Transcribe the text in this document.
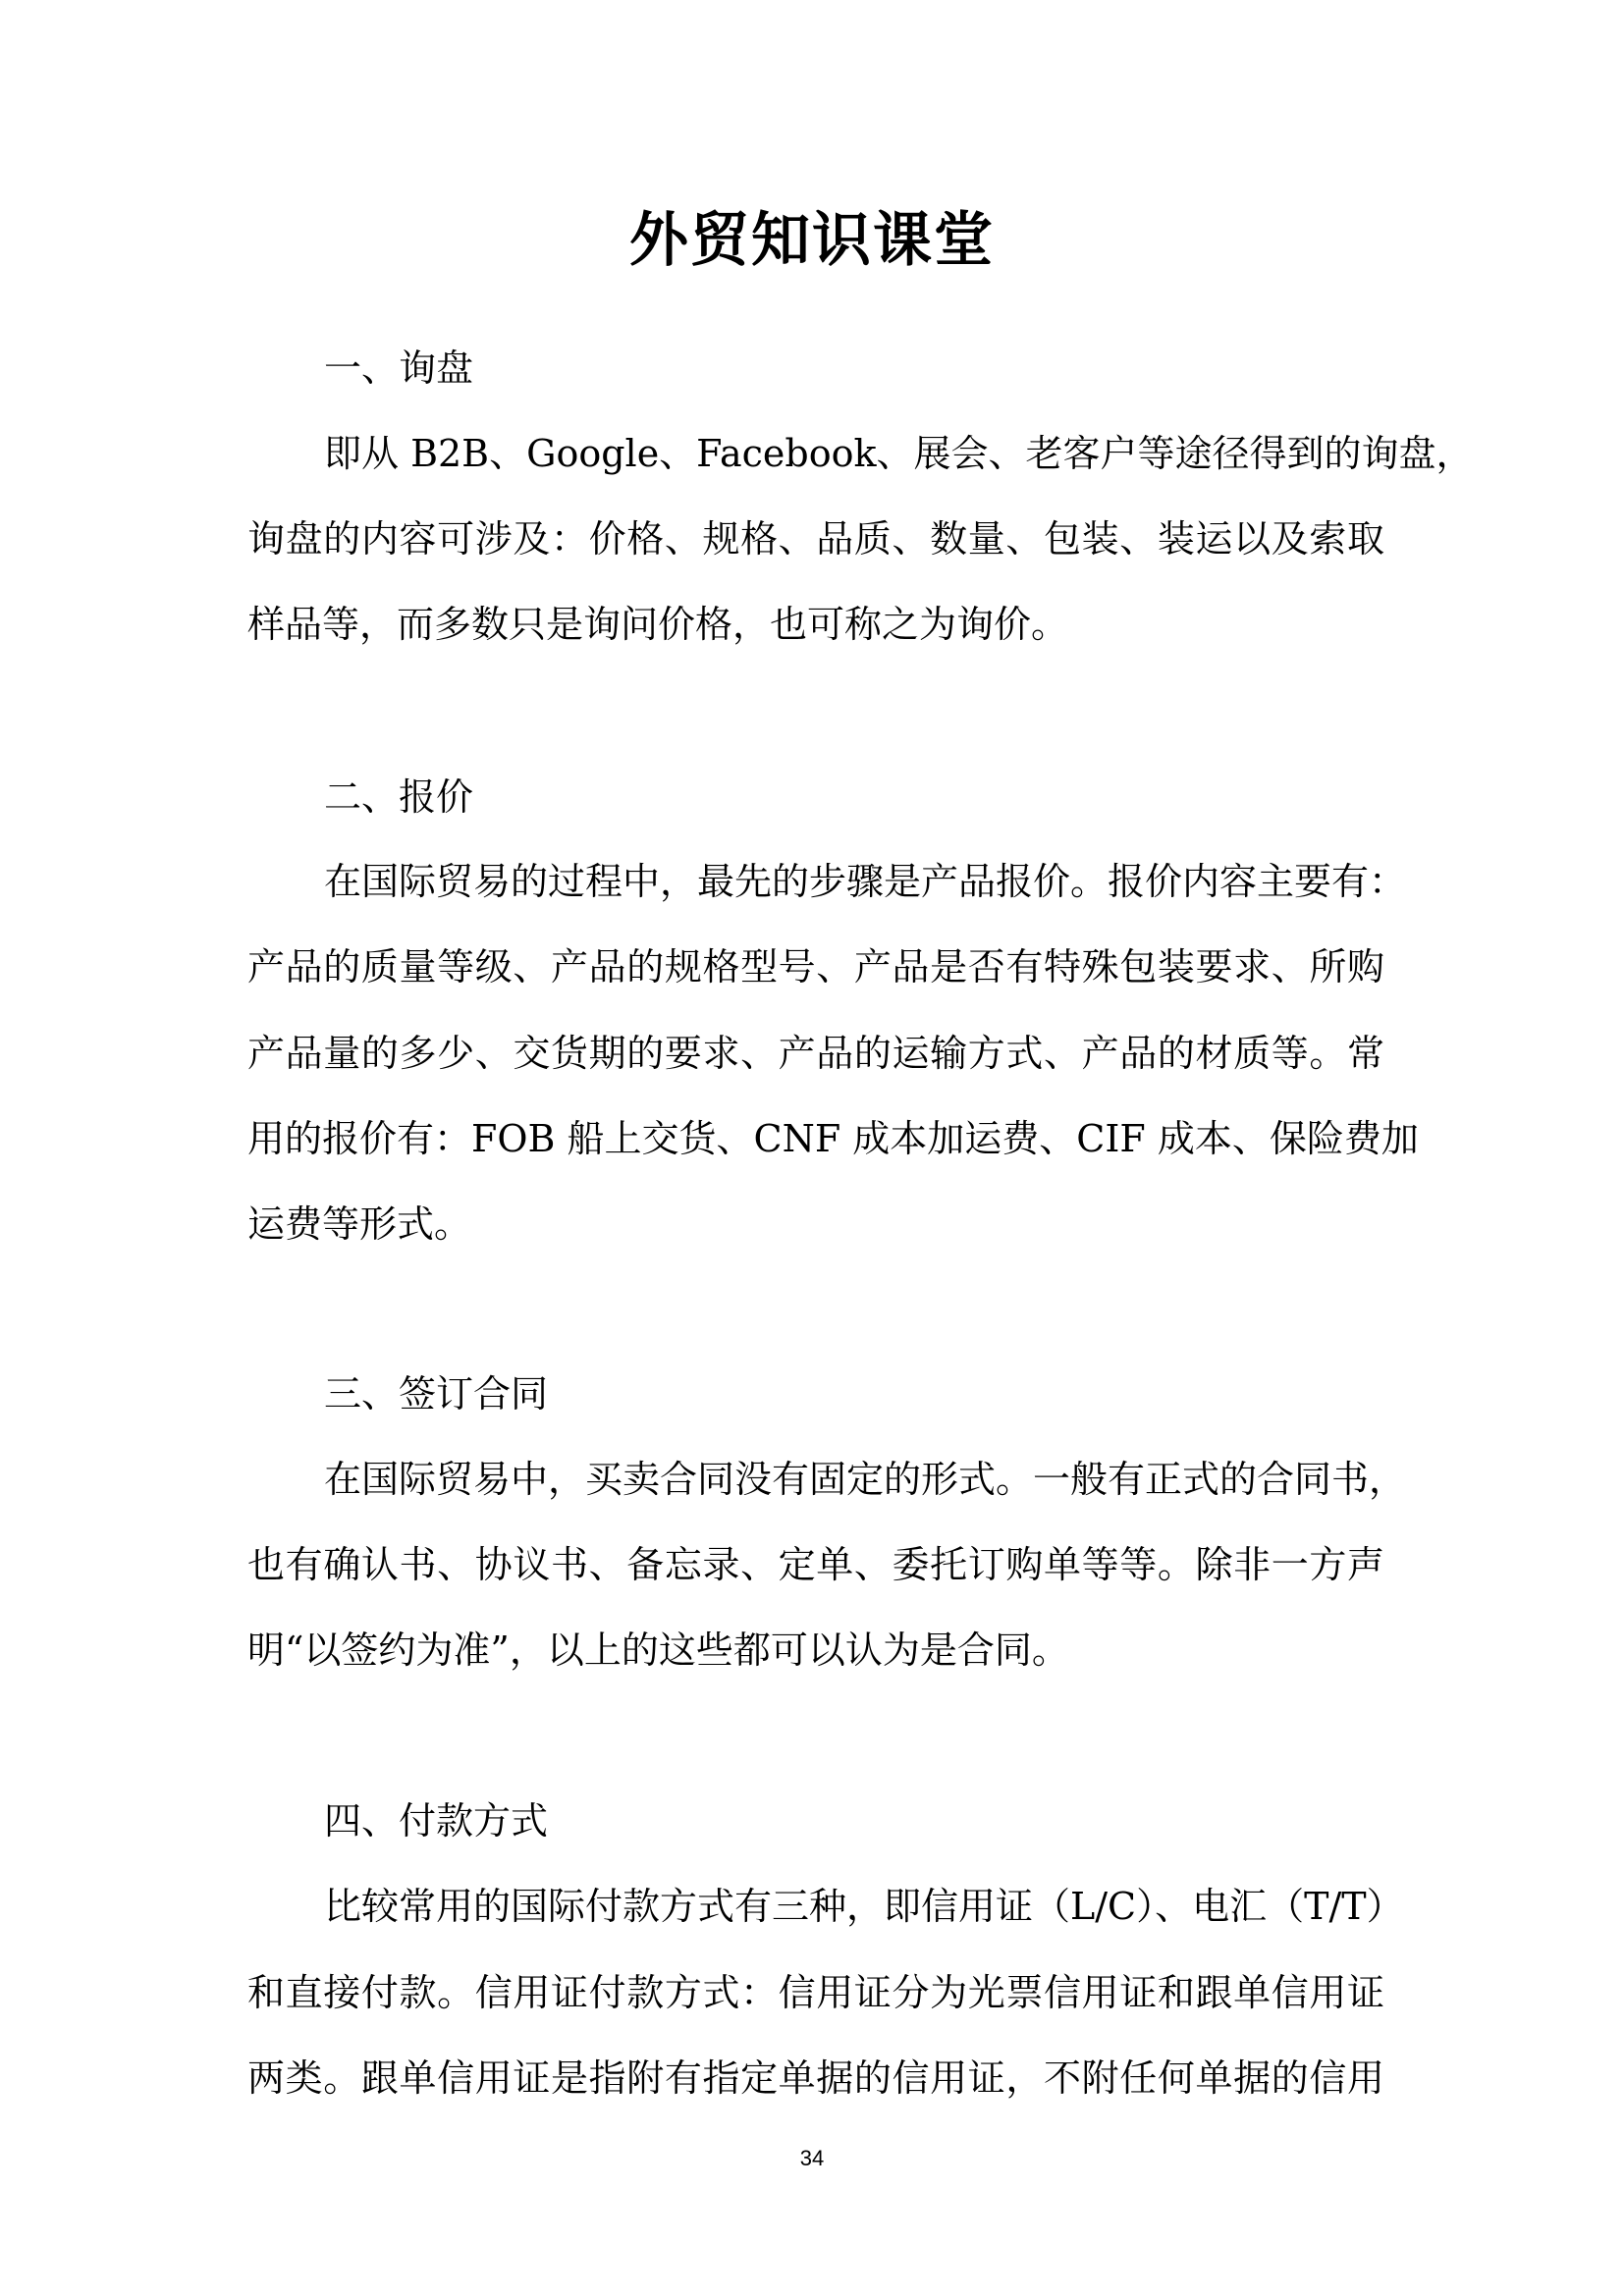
外贸知识课堂
一、询盘
即从 B2B、Google、Facebook、展会、老客户等途径得到的询盘，
询盘的内容可涉及：价格、规格、品质、数量、包装、装运以及索取
样品等，而多数只是询问价格，也可称之为询价。
二、报价
在国际贸易的过程中，最先的步骤是产品报价。报价内容主要有：
产品的质量等级、产品的规格型号、产品是否有特殊包装要求、所购
产品量的多少、交货期的要求、产品的运输方式、产品的材质等。常
用的报价有：FOB 船上交货、CNF 成本加运费、CIF 成本、保险费加
运费等形式。
三、签订合同
在国际贸易中，买卖合同没有固定的形式。一般有正式的合同书，
也有确认书、协议书、备忘录、定单、委托订购单等等。除非一方声
明“以签约为准”，以上的这些都可以认为是合同。
四、付款方式
比较常用的国际付款方式有三种，即信用证（L/C）、电汇（T/T）
和直接付款。信用证付款方式：信用证分为光票信用证和跟单信用证
两类。跟单信用证是指附有指定单据的信用证，不附任何单据的信用
34
